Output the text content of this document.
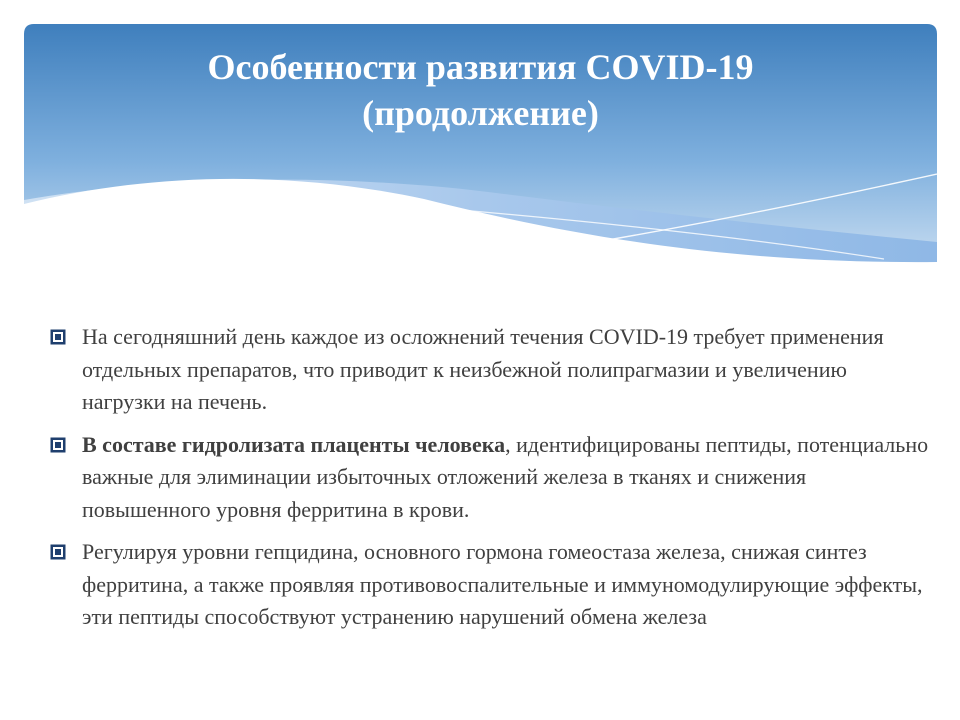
Особенности развития COVID-19
(продолжение)
На сегодняшний день каждое из осложнений течения COVID-19 требует применения отдельных препаратов, что приводит к неизбежной полипрагмазии и увеличению нагрузки на печень.
В составе гидролизата плаценты человека, идентифицированы пептиды, потенциально важные для элиминации избыточных отложений железа в тканях и снижения повышенного уровня ферритина в крови.
Регулируя уровни гепцидина, основного гормона гомеостаза железа, снижая синтез ферритина, а также проявляя противовоспалительные и иммуномодулирующие эффекты, эти пептиды способствуют устранению нарушений обмена железа
